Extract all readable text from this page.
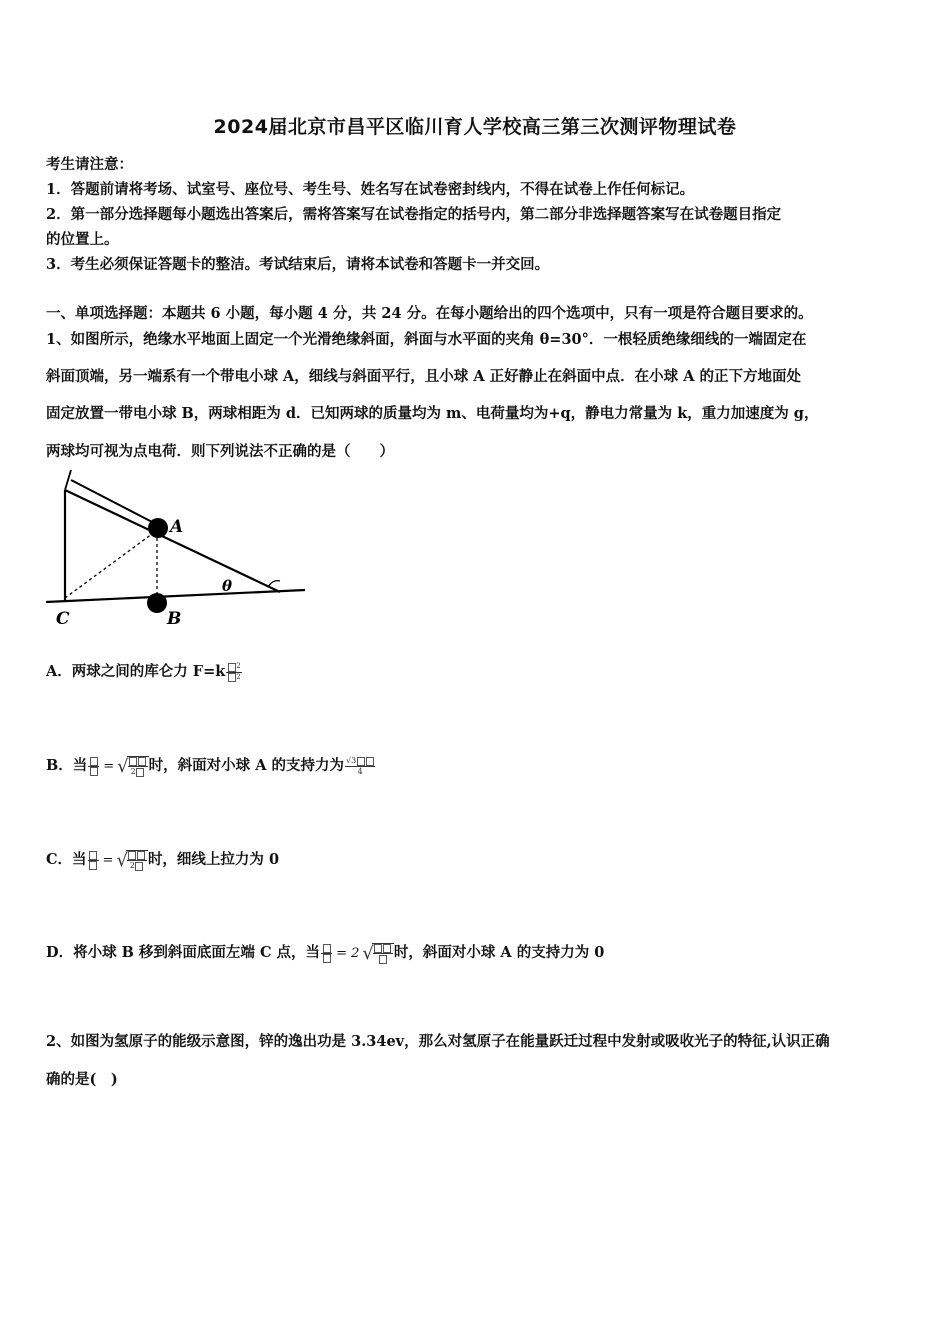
2024届北京市昌平区临川育人学校高三第三次测评物理试卷
考生请注意：
1．答题前请将考场、试室号、座位号、考生号、姓名写在试卷密封线内，不得在试卷上作任何标记。
2．第一部分选择题每小题选出答案后，需将答案写在试卷指定的括号内，第二部分非选择题答案写在试卷题目指定
的位置上。
3．考生必须保证答题卡的整洁。考试结束后，请将本试卷和答题卡一并交回。
一、单项选择题：本题共 6 小题，每小题 4 分，共 24 分。在每小题给出的四个选项中，只有一项是符合题目要求的。
1、如图所示，绝缘水平地面上固定一个光滑绝缘斜面，斜面与水平面的夹角 θ=30°．一根轻质绝缘细线的一端固定在
斜面顶端，另一端系有一个带电小球 A，细线与斜面平行，且小球 A 正好静止在斜面中点．在小球 A 的正下方地面处
固定放置一带电小球 B，两球相距为 d．已知两球的质量均为 m、电荷量均为+q，静电力常量为 k，重力加速度为 g，
两球均可视为点电荷．则下列说法不正确的是（　　）
A
B
C
θ
A．两球之间的库仑力 $F=k \frac{2}{2}$
B．当 = √ 2 时，斜面对小球 A 的支持力为 $\frac{√3}{4}$
C．当 = √ 2 时，细线上拉力为 0
D．将小球 B 移到斜面底面左端 C 点，当 = 2 √ 时，斜面对小球 A 的支持力为 0
2、如图为氢原子的能级示意图，锌的逸出功是 3.34ev，那么对氢原子在能量跃迁过程中发射或吸收光子的特征,认识正确
确的是(　)
